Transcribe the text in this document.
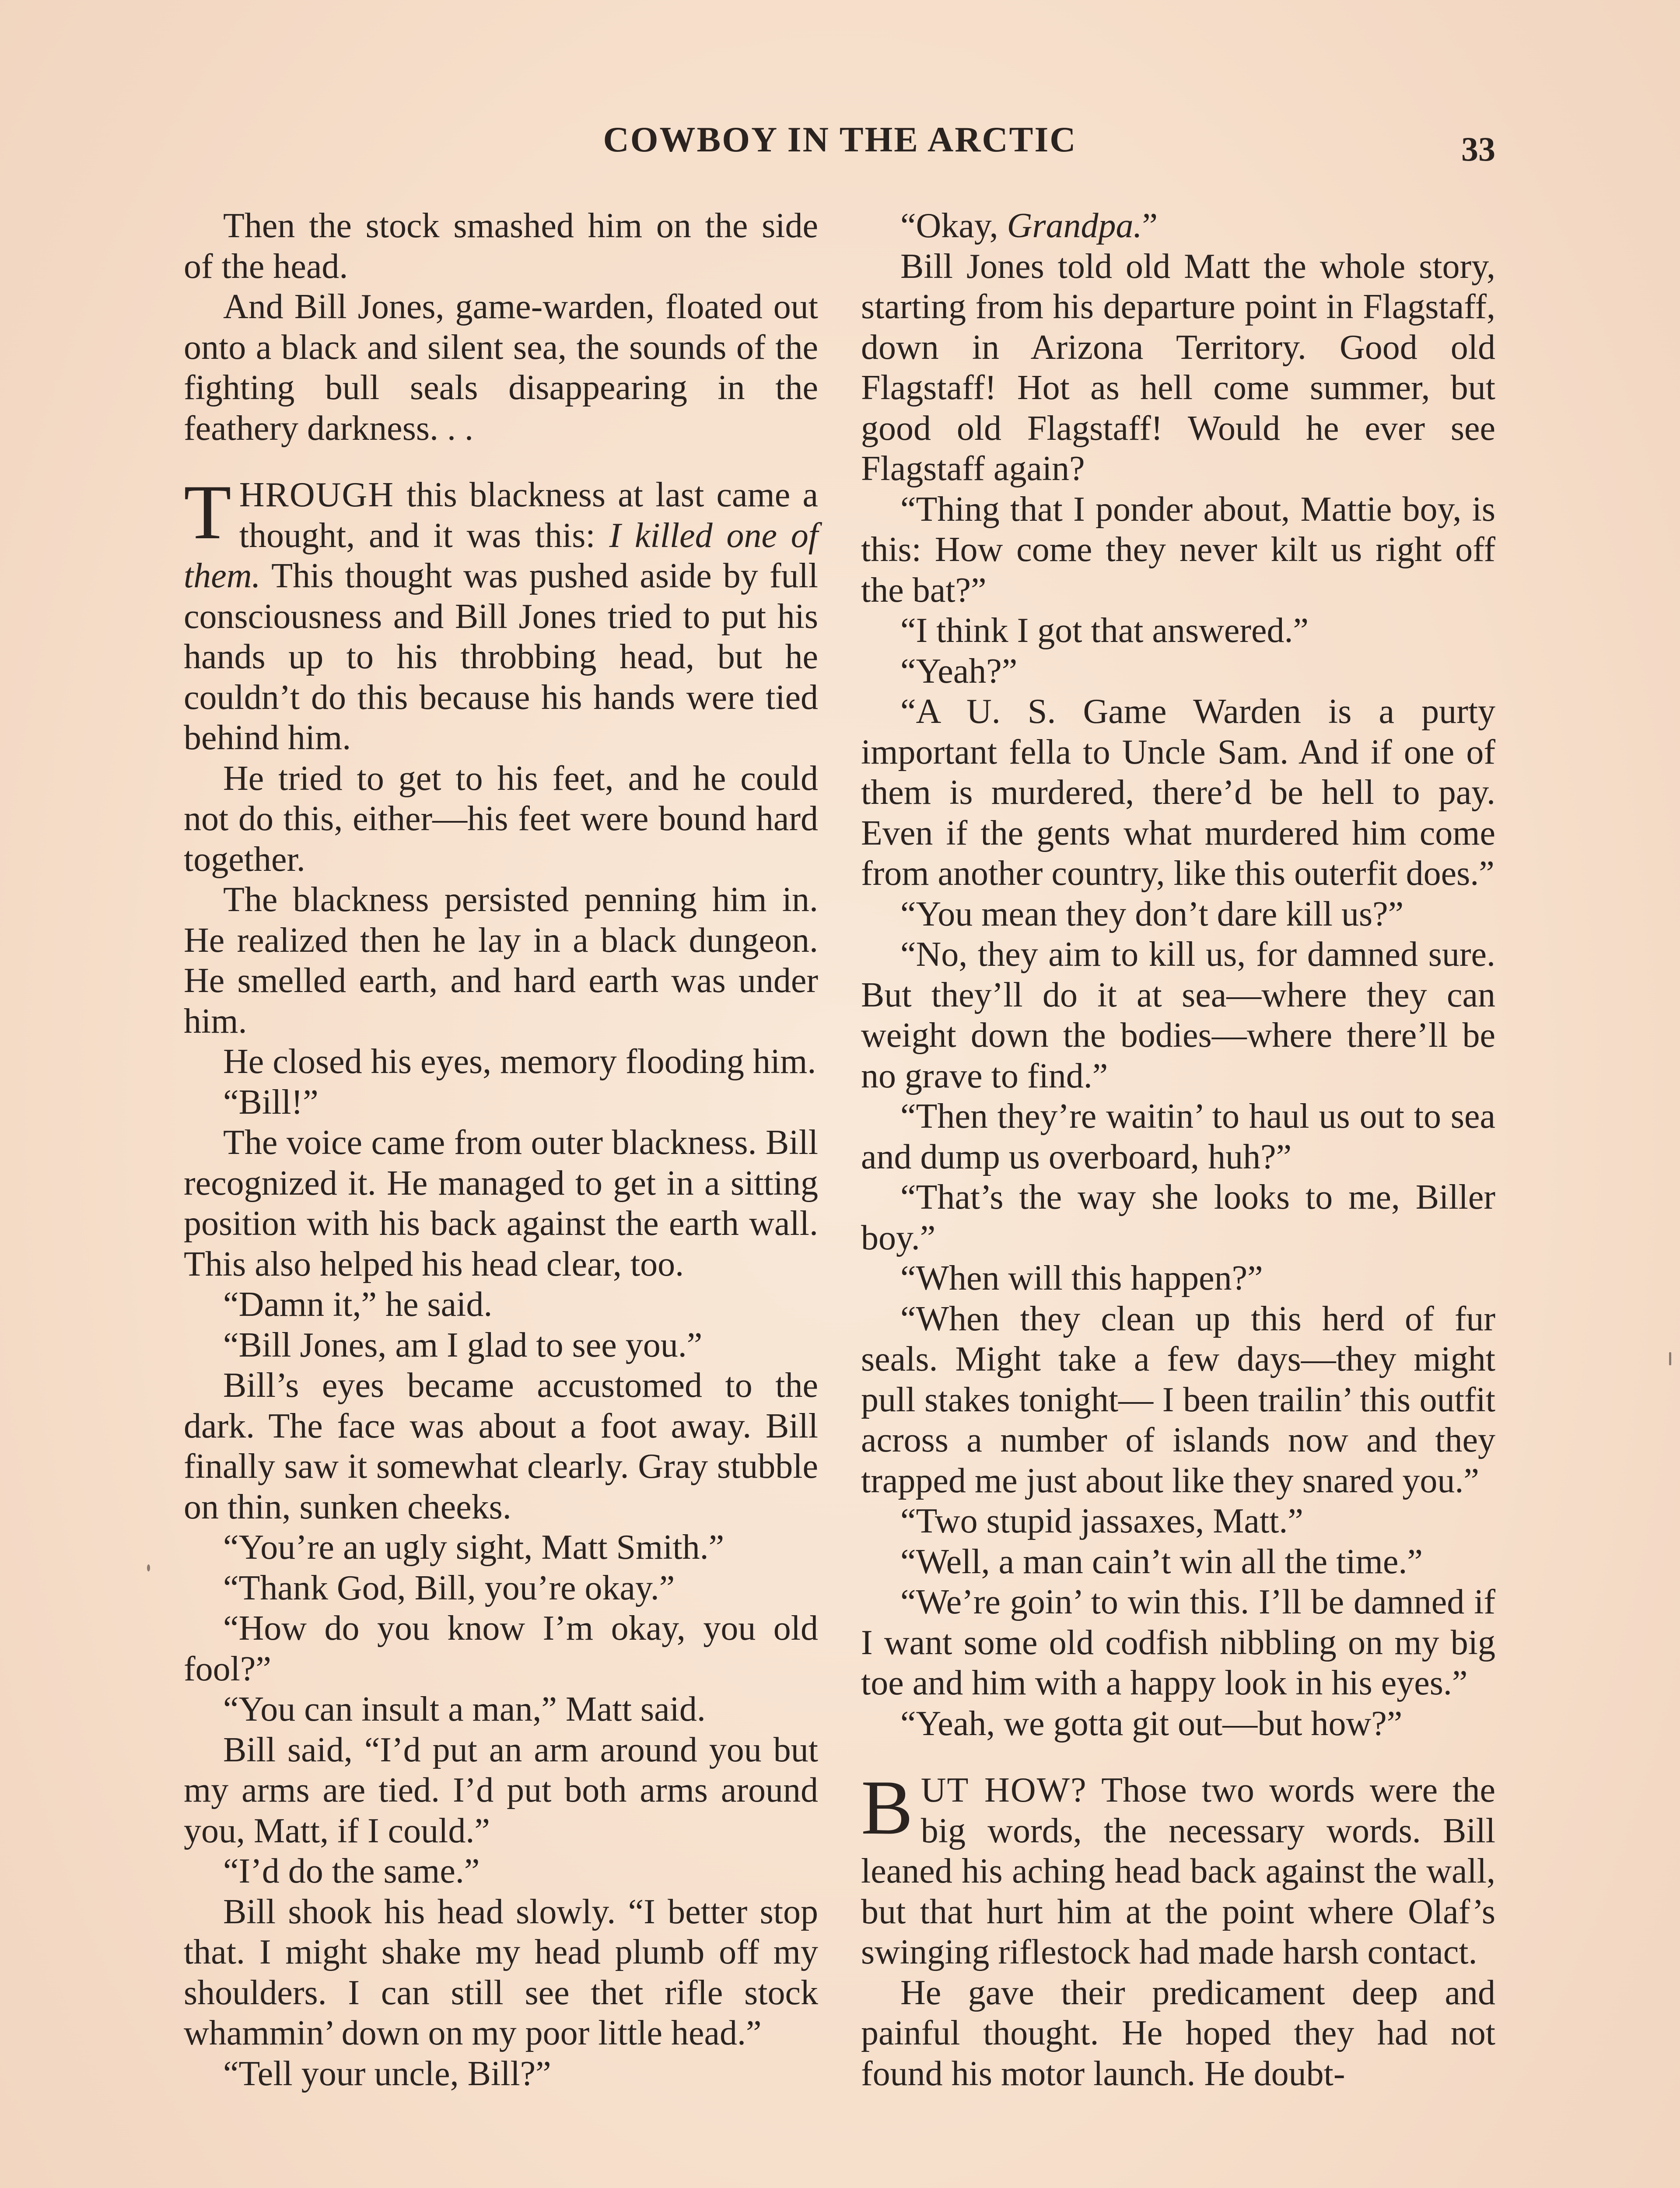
COWBOY IN THE ARCTIC	33

Then the stock smashed him on the side of the head.

And Bill Jones, game-warden, floated out onto a black and silent sea, the sounds of the fighting bull seals disappearing in the feathery darkness. . .

THROUGH this blackness at last came a thought, and it was this: I killed one of them. This thought was pushed aside by full consciousness and Bill Jones tried to put his hands up to his throbbing head, but he couldn’t do this because his hands were tied behind him.

He tried to get to his feet, and he could not do this, either—his feet were bound hard together.

The blackness persisted penning him in. He realized then he lay in a black dungeon. He smelled earth, and hard earth was under him.

He closed his eyes, memory flooding him.

“Bill!”

The voice came from outer blackness. Bill recognized it. He managed to get in a sitting position with his back against the earth wall. This also helped his head clear, too.

“Damn it,” he said.

“Bill Jones, am I glad to see you.”

Bill’s eyes became accustomed to the dark. The face was about a foot away. Bill finally saw it somewhat clearly. Gray stubble on thin, sunken cheeks.

“You’re an ugly sight, Matt Smith.”

“Thank God, Bill, you’re okay.”

“How do you know I’m okay, you old fool?”

“You can insult a man,” Matt said.

Bill said, “I’d put an arm around you but my arms are tied. I’d put both arms around you, Matt, if I could.”

“I’d do the same.”

Bill shook his head slowly. “I better stop that. I might shake my head plumb off my shoulders. I can still see thet rifle stock whammin’ down on my poor little head.”

“Tell your uncle, Bill?”

“Okay, Grandpa.”

Bill Jones told old Matt the whole story, starting from his departure point in Flagstaff, down in Arizona Territory. Good old Flagstaff! Hot as hell come summer, but good old Flagstaff! Would he ever see Flagstaff again?

“Thing that I ponder about, Mattie boy, is this: How come they never kilt us right off the bat?”

“I think I got that answered.”

“Yeah?”

“A U. S. Game Warden is a purty important fella to Uncle Sam. And if one of them is murdered, there’d be hell to pay. Even if the gents what murdered him come from another country, like this outerfit does.”

“You mean they don’t dare kill us?”

“No, they aim to kill us, for damned sure. But they’ll do it at sea—where they can weight down the bodies—where there’ll be no grave to find.”

“Then they’re waitin’ to haul us out to sea and dump us overboard, huh?”

“That’s the way she looks to me, Biller boy.”

“When will this happen?”

“When they clean up this herd of fur seals. Might take a few days—they might pull stakes tonight— I been trailin’ this outfit across a number of islands now and they trapped me just about like they snared you.”

“Two stupid jassaxes, Matt.”

“Well, a man cain’t win all the time.”

“We’re goin’ to win this. I’ll be damned if I want some old codfish nibbling on my big toe and him with a happy look in his eyes.”

“Yeah, we gotta git out—but how?”

BUT HOW? Those two words were the big words, the necessary words. Bill leaned his aching head back against the wall, but that hurt him at the point where Olaf’s swinging riflestock had made harsh contact.

He gave their predicament deep and painful thought. He hoped they had not found his motor launch. He doubt-
